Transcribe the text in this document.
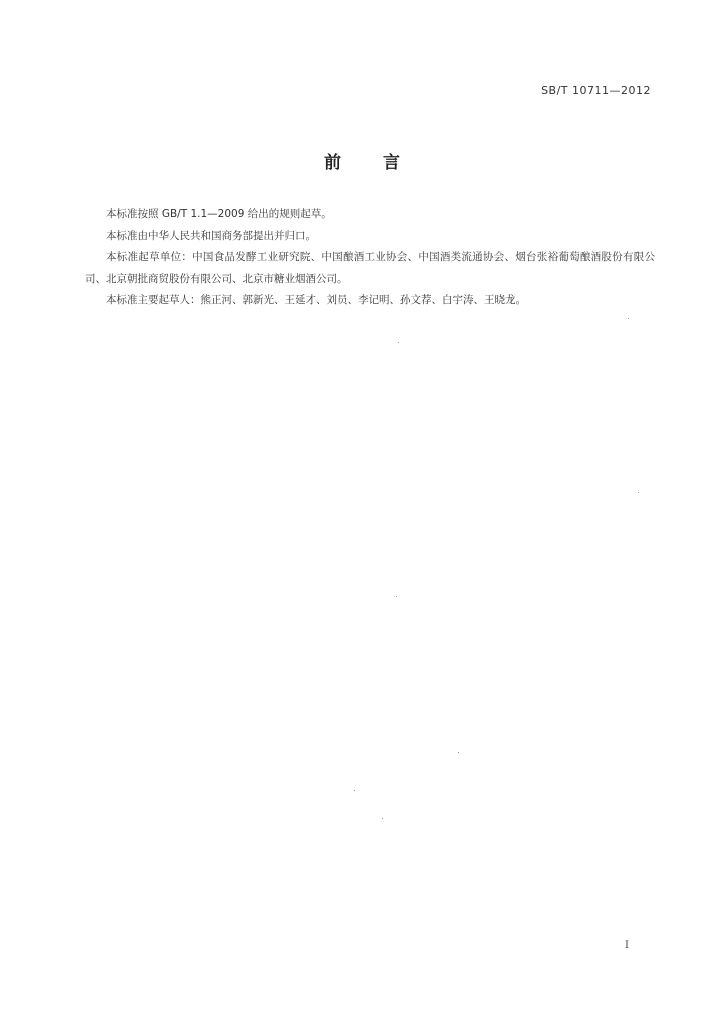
SB/T 10711—2012
前言

本标准按照 GB/T 1.1—2009 给出的规则起草。

本标准由中华人民共和国商务部提出并归口。

本标准起草单位：中国食品发酵工业研究院、中国酿酒工业协会、中国酒类流通协会、烟台张裕葡萄酿酒股份有限公司、北京朝批商贸股份有限公司、北京市糖业烟酒公司。

本标准主要起草人：熊正河、郭新光、王延才、刘员、李记明、孙文荐、白宇涛、王晓龙。

I
